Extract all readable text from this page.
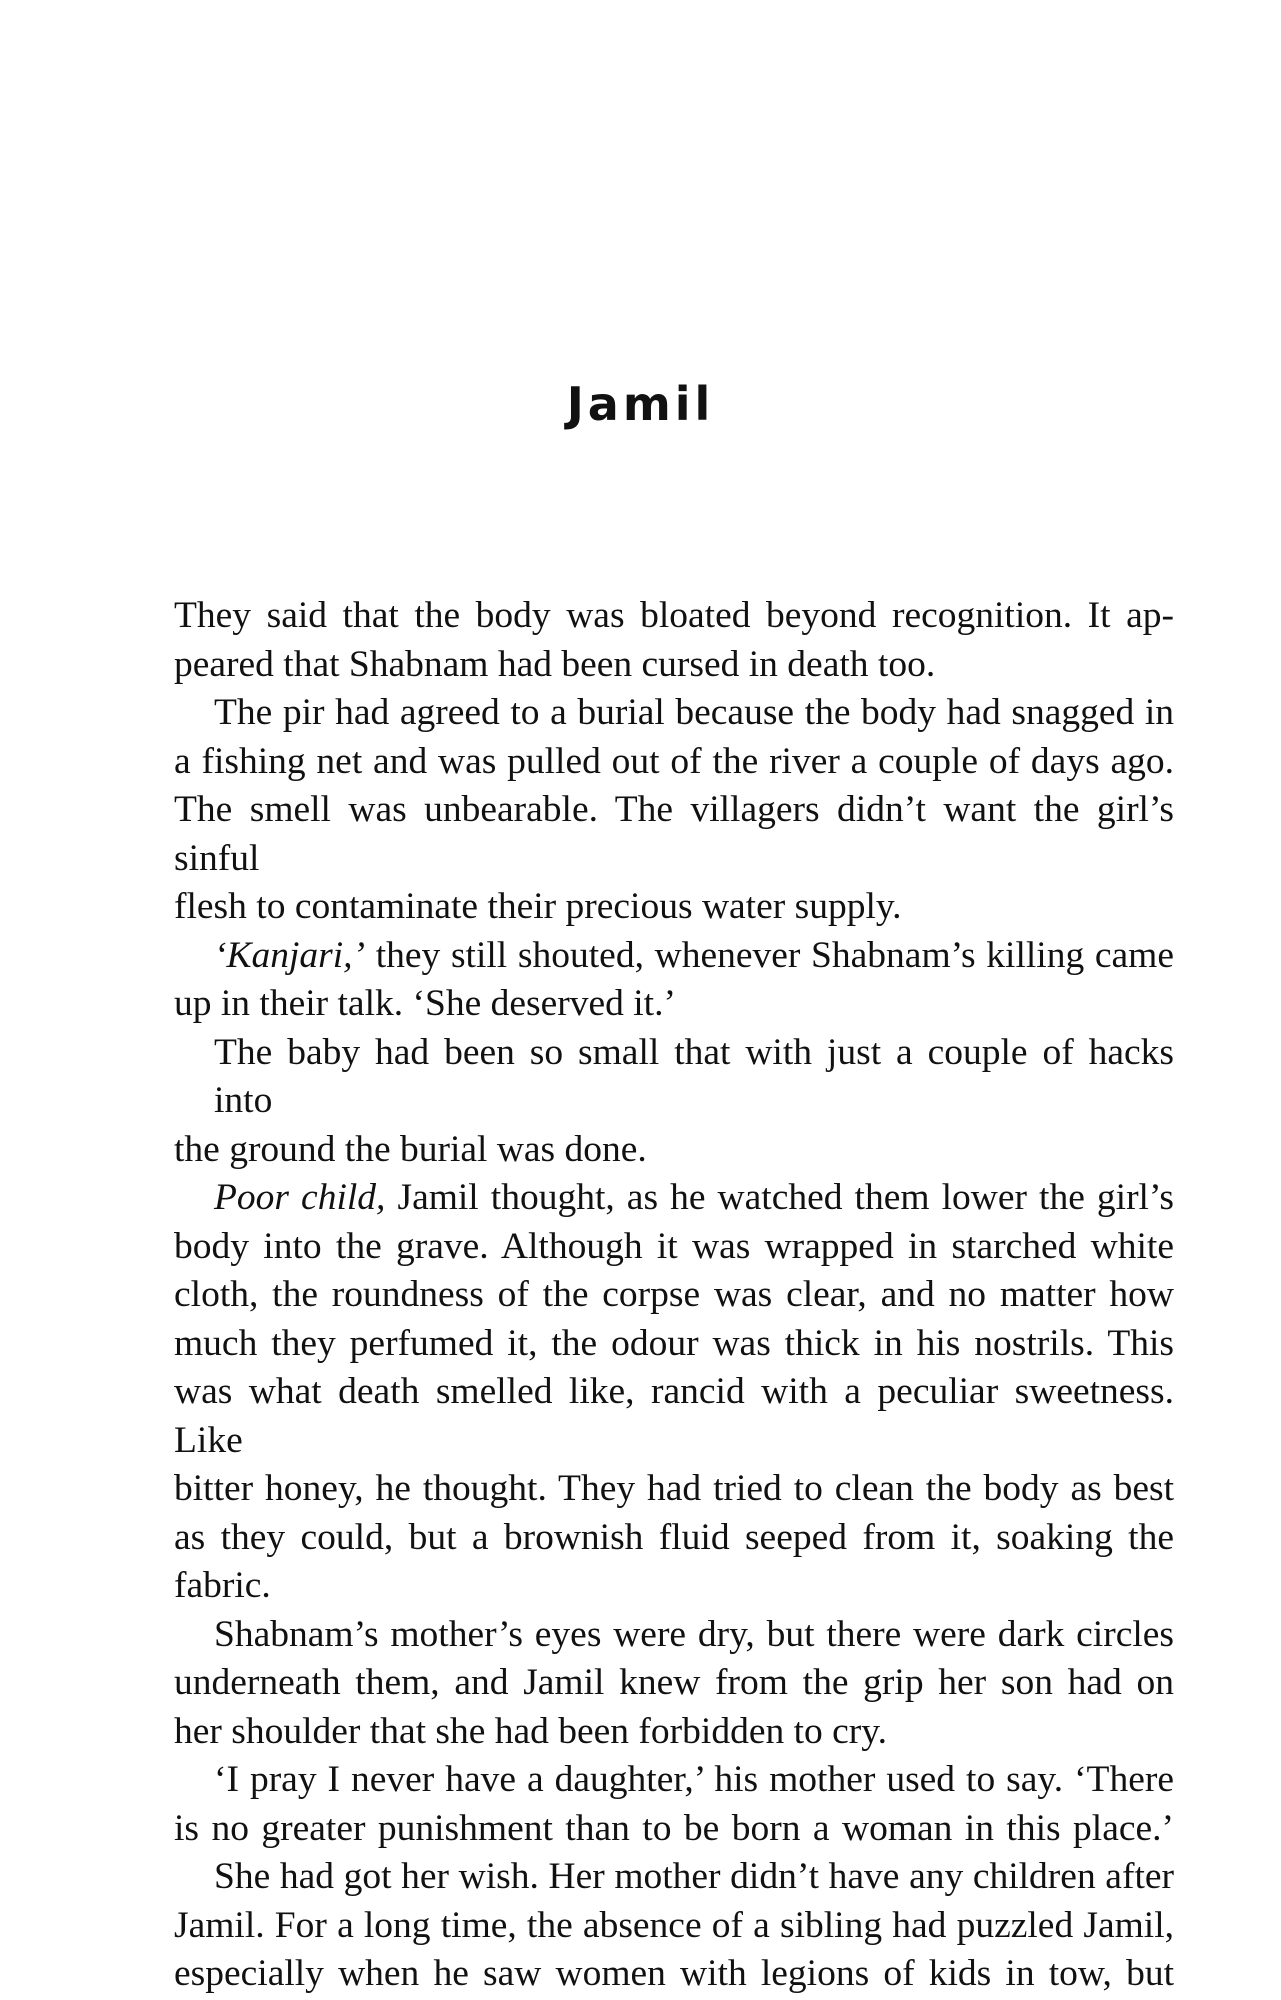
Jamil
They said that the body was bloated beyond recognition. It ap-
peared that Shabnam had been cursed in death too.
The pir had agreed to a burial because the body had snagged in
a fishing net and was pulled out of the river a couple of days ago.
The smell was unbearable. The villagers didn’t want the girl’s sinful
flesh to contaminate their precious water supply.
‘Kanjari,’ they still shouted, whenever Shabnam’s killing came
up in their talk. ‘She deserved it.’
The baby had been so small that with just a couple of hacks into
the ground the burial was done.
Poor child, Jamil thought, as he watched them lower the girl’s
body into the grave. Although it was wrapped in starched white
cloth, the roundness of the corpse was clear, and no matter how
much they perfumed it, the odour was thick in his nostrils. This
was what death smelled like, rancid with a peculiar sweetness. Like
bitter honey, he thought. They had tried to clean the body as best
as they could, but a brownish fluid seeped from it, soaking the
fabric.
Shabnam’s mother’s eyes were dry, but there were dark circles
underneath them, and Jamil knew from the grip her son had on
her shoulder that she had been forbidden to cry.
‘I pray I never have a daughter,’ his mother used to say. ‘There
is no greater punishment than to be born a woman in this place.’
She had got her wish. Her mother didn’t have any children after
Jamil. For a long time, the absence of a sibling had puzzled Jamil,
especially when he saw women with legions of kids in tow, but
